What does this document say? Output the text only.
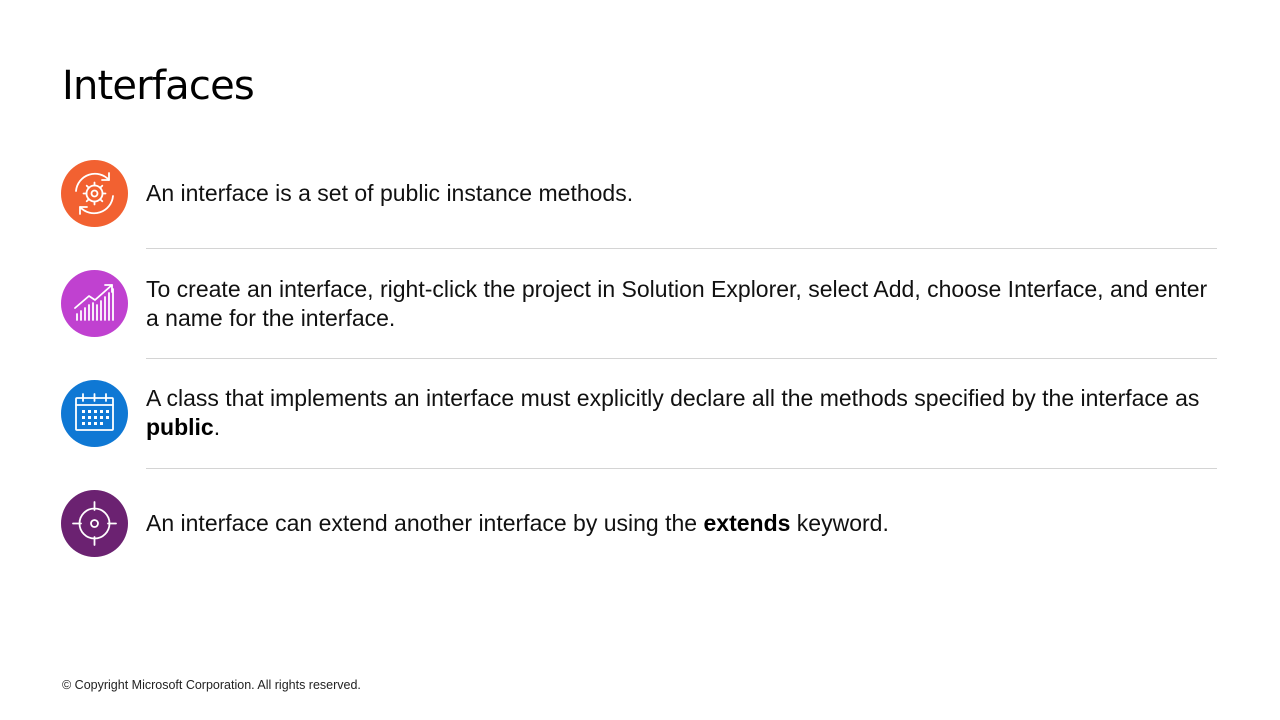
Interfaces

An interface is a set of public instance methods.

To create an interface, right-click the project in Solution Explorer, select Add, choose Interface, and enter a name for the interface.

A class that implements an interface must explicitly declare all the methods specified by the interface as public.

An interface can extend another interface by using the extends keyword.

© Copyright Microsoft Corporation. All rights reserved.
